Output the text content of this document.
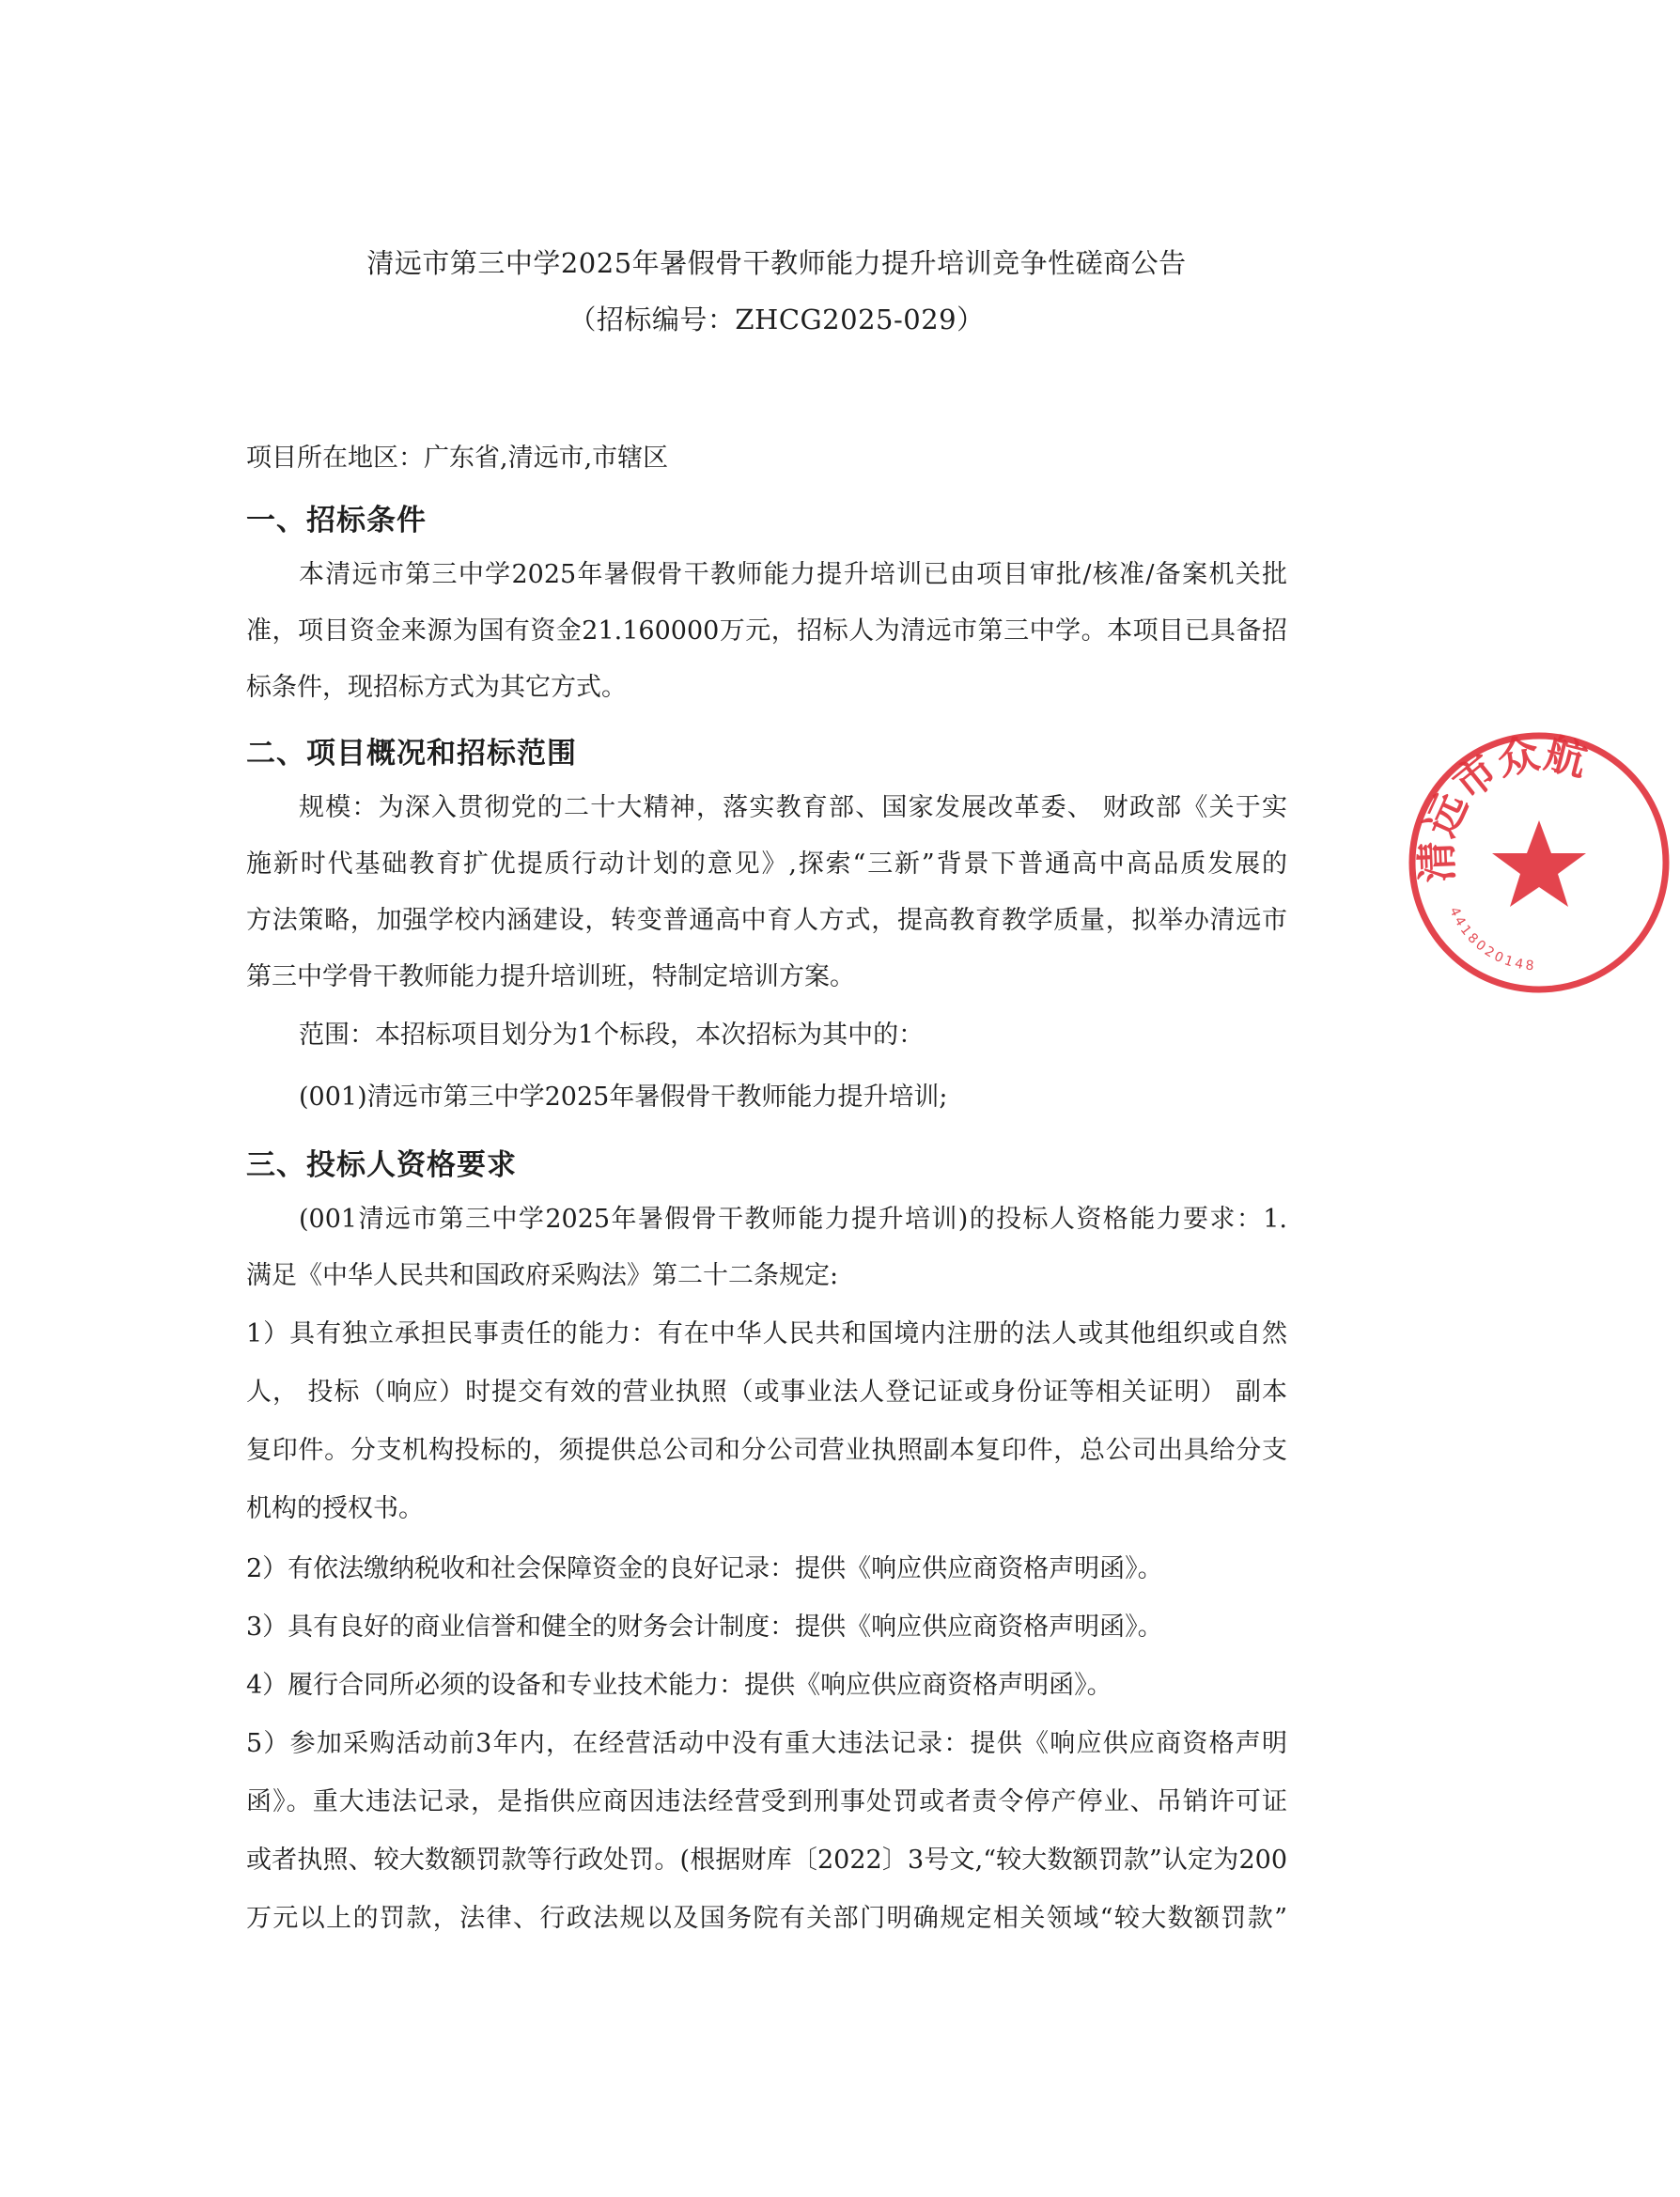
清远市第三中学2025年暑假骨干教师能力提升培训竞争性磋商公告
（招标编号：ZHCG2025-029）
项目所在地区：广东省,清远市,市辖区
一、招标条件
本清远市第三中学2025年暑假骨干教师能力提升培训已由项目审批/核准/备案机关批
准，项目资金来源为国有资金21.160000万元，招标人为清远市第三中学。本项目已具备招
标条件，现招标方式为其它方式。
二、项目概况和招标范围
规模：为深入贯彻党的二十大精神，落实教育部、国家发展改革委、 财政部《关于实
施新时代基础教育扩优提质行动计划的意见》,探索“三新”背景下普通高中高品质发展的
方法策略，加强学校内涵建设，转变普通高中育人方式，提高教育教学质量，拟举办清远市
第三中学骨干教师能力提升培训班，特制定培训方案。
范围：本招标项目划分为1个标段，本次招标为其中的：
(001)清远市第三中学2025年暑假骨干教师能力提升培训;
三、投标人资格要求
(001清远市第三中学2025年暑假骨干教师能力提升培训)的投标人资格能力要求：1.
满足《中华人民共和国政府采购法》第二十二条规定:
1）具有独立承担民事责任的能力：有在中华人民共和国境内注册的法人或其他组织或自然
人， 投标（响应）时提交有效的营业执照（或事业法人登记证或身份证等相关证明） 副本
复印件。分支机构投标的，须提供总公司和分公司营业执照副本复印件，总公司出具给分支
机构的授权书。
2）有依法缴纳税收和社会保障资金的良好记录：提供《响应供应商资格声明函》。
3）具有良好的商业信誉和健全的财务会计制度：提供《响应供应商资格声明函》。
4）履行合同所必须的设备和专业技术能力：提供《响应供应商资格声明函》。
5）参加采购活动前3年内，在经营活动中没有重大违法记录：提供《响应供应商资格声明
函》。重大违法记录，是指供应商因违法经营受到刑事处罚或者责令停产停业、吊销许可证
或者执照、较大数额罚款等行政处罚。(根据财库〔2022〕3号文,“较大数额罚款”认定为200
万元以上的罚款，法律、行政法规以及国务院有关部门明确规定相关领域“较大数额罚款”
清远市众航
4418020148
